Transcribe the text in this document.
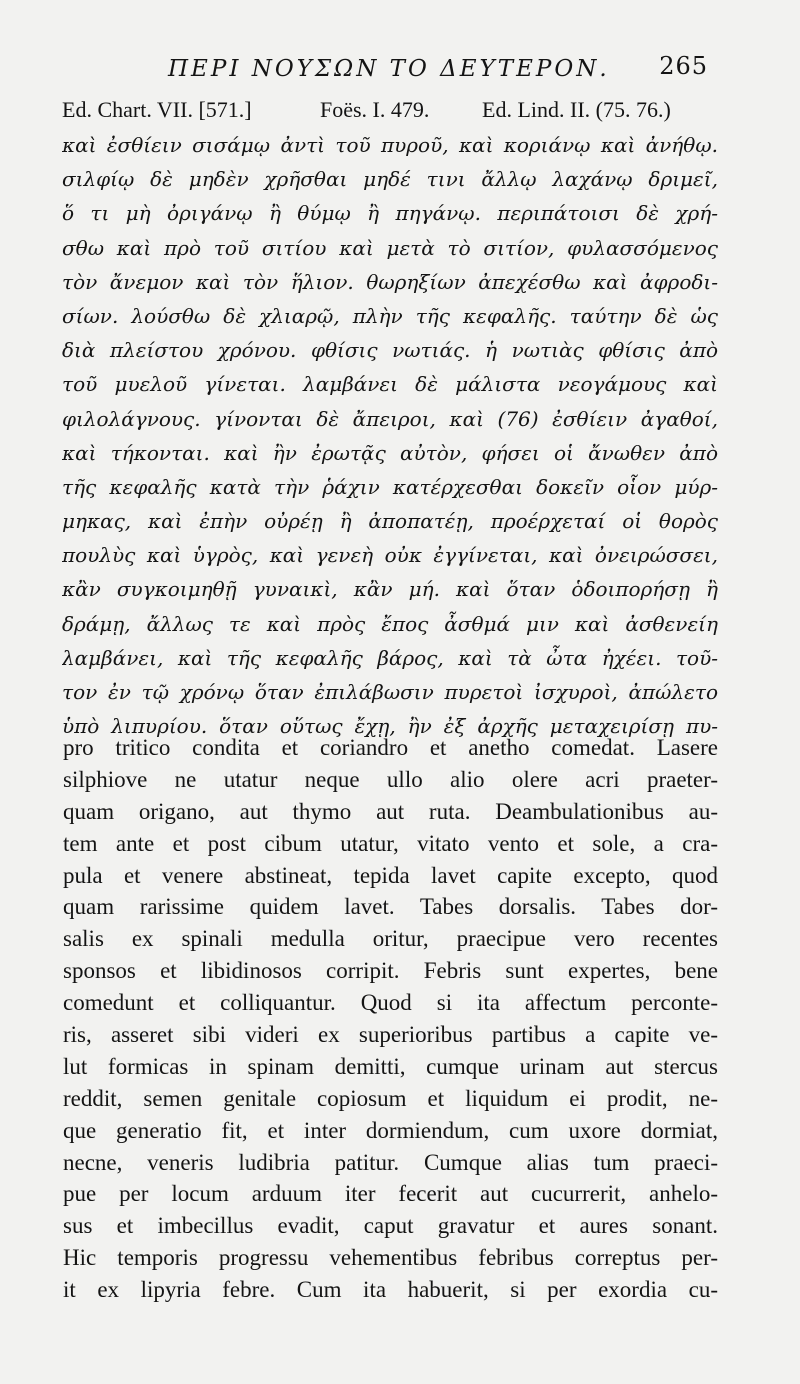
ΠΕΡΙ ΝΟΥΣΩΝ ΤΟ ΔΕΥΤΕΡΟΝ. 265
Ed. Chart. VII. [571.]	Foës. I. 479. Ed. Lind. II. (75. 76.)
καὶ ἐσθίειν σισάμῳ ἀντὶ τοῦ πυροῦ, καὶ κοριάνῳ καὶ ἀνήθῳ.
σιλφίῳ δὲ μηδὲν χρῆσθαι μηδέ τινι ἄλλῳ λαχάνῳ δριμεῖ,
ὅ τι μὴ ὀριγάνῳ ἢ θύμῳ ἢ πηγάνῳ. περιπάτοισι δὲ χρή-
σθω καὶ πρὸ τοῦ σιτίου καὶ μετὰ τὸ σιτίον, φυλασσόμενος
τὸν ἄνεμον καὶ τὸν ἥλιον. θωρηξίων ἀπεχέσθω καὶ ἀφροδι-
σίων. λούσθω δὲ χλιαρῷ, πλὴν τῆς κεφαλῆς. ταύτην δὲ ὡς
διὰ πλείστου χρόνου. φθίσις νωτιάς. ἡ νωτιὰς φθίσις ἀπὸ
τοῦ μυελοῦ γίνεται. λαμβάνει δὲ μάλιστα νεογάμους καὶ
φιλολάγνους. γίνονται δὲ ἄπειροι, καὶ (76) ἐσθίειν ἀγαθοί,
καὶ τήκονται. καὶ ἢν ἐρωτᾷς αὐτὸν, φήσει οἱ ἄνωθεν ἀπὸ
τῆς κεφαλῆς κατὰ τὴν ῥάχιν κατέρχεσθαι δοκεῖν οἷον μύρ-
μηκας, καὶ ἐπὴν οὐρέῃ ἢ ἀποπατέῃ, προέρχεταί οἱ θορὸς
πουλὺς καὶ ὑγρὸς, καὶ γενεὴ οὐκ ἐγγίνεται, καὶ ὀνειρώσσει,
κἂν συγκοιμηθῇ γυναικὶ, κἂν μή. καὶ ὅταν ὁδοιπορήσῃ ἢ
δράμῃ, ἄλλως τε καὶ πρὸς ἔπος ἆσθμά μιν καὶ ἀσθενείη
λαμβάνει, καὶ τῆς κεφαλῆς βάρος, καὶ τὰ ὦτα ἠχέει. τοῦ-
τον ἐν τῷ χρόνῳ ὅταν ἐπιλάβωσιν πυρετοὶ ἰσχυροὶ, ἀπώλετο
ὑπὸ λιπυρίου. ὅταν οὕτως ἔχῃ, ἢν ἐξ ἀρχῆς μεταχειρίσῃ πυ-
pro tritico condita et coriandro et anetho comedat. Lasere
silphiove ne utatur neque ullo alio olere acri praeter-
quam origano, aut thymo aut ruta. Deambulationibus au-
tem ante et post cibum utatur, vitato vento et sole, a cra-
pula et venere abstineat, tepida lavet capite excepto, quod
quam rarissime quidem lavet. Tabes dorsalis. Tabes dor-
salis ex spinali medulla oritur, praecipue vero recentes
sponsos et libidinosos corripit. Febris sunt expertes, bene
comedunt et colliquantur. Quod si ita affectum perconte-
ris, asseret sibi videri ex superioribus partibus a capite ve-
lut formicas in spinam demitti, cumque urinam aut stercus
reddit, semen genitale copiosum et liquidum ei prodit, ne-
que generatio fit, et inter dormiendum, cum uxore dormiat,
necne, veneris ludibria patitur. Cumque alias tum praeci-
pue per locum arduum iter fecerit aut cucurrerit, anhelo-
sus et imbecillus evadit, caput gravatur et aures sonant.
Hic temporis progressu vehementibus febribus correptus per-
it ex lipyria febre. Cum ita habuerit, si per exordia cu-
